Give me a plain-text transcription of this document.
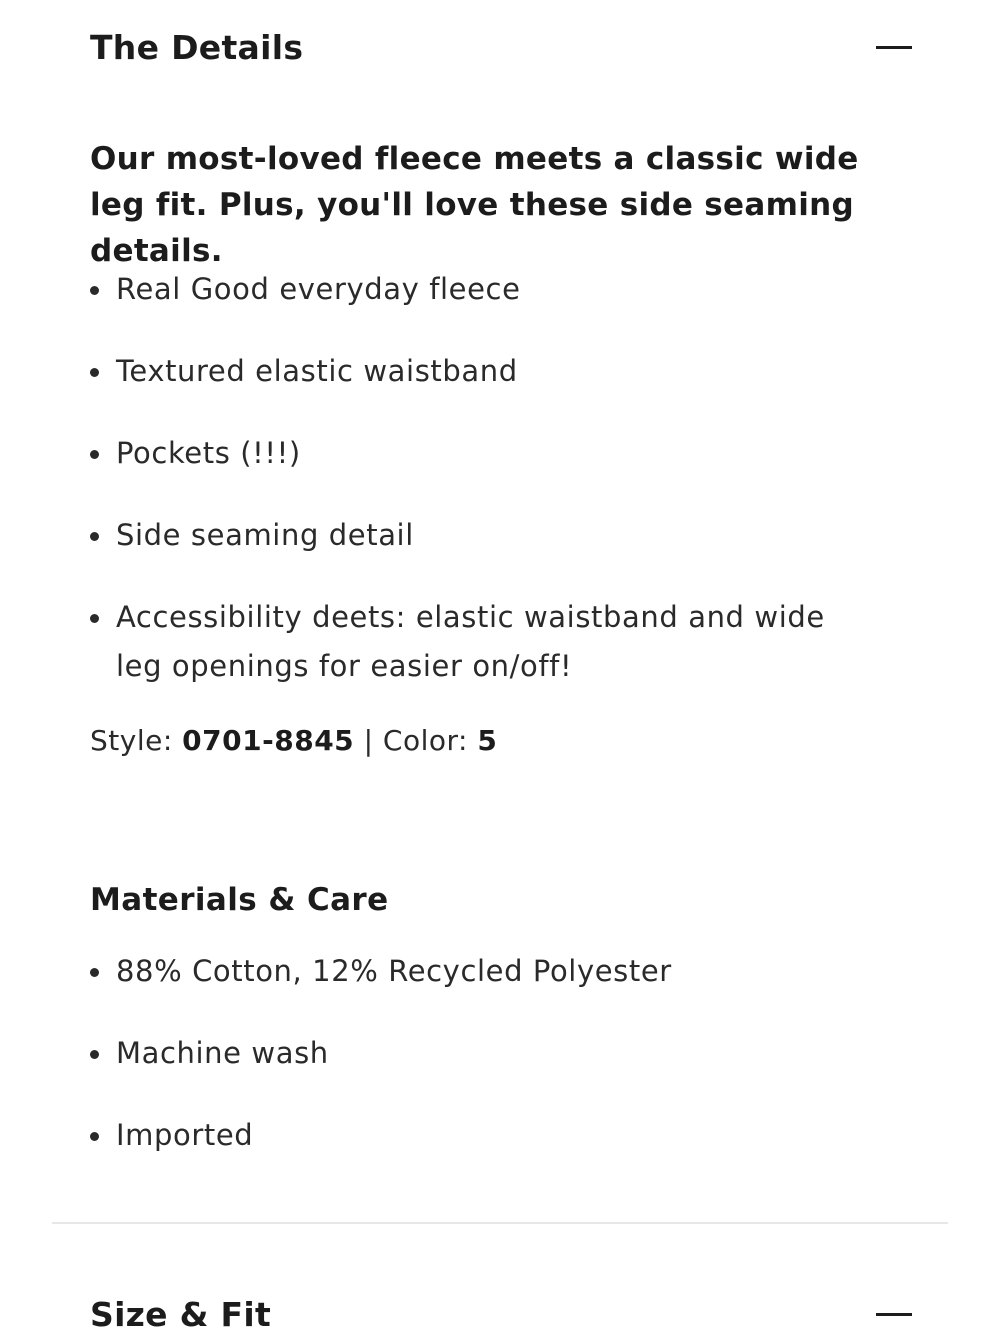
The Details

Our most-loved fleece meets a classic wide leg fit. Plus, you'll love these side seaming details.

Real Good everyday fleece
Textured elastic waistband
Pockets (!!!)
Side seaming detail
Accessibility deets: elastic waistband and wide leg openings for easier on/off!
Style: 0701-8845 | Color: 5
Materials & Care
88% Cotton, 12% Recycled Polyester
Machine wash
Imported
Size & Fit
